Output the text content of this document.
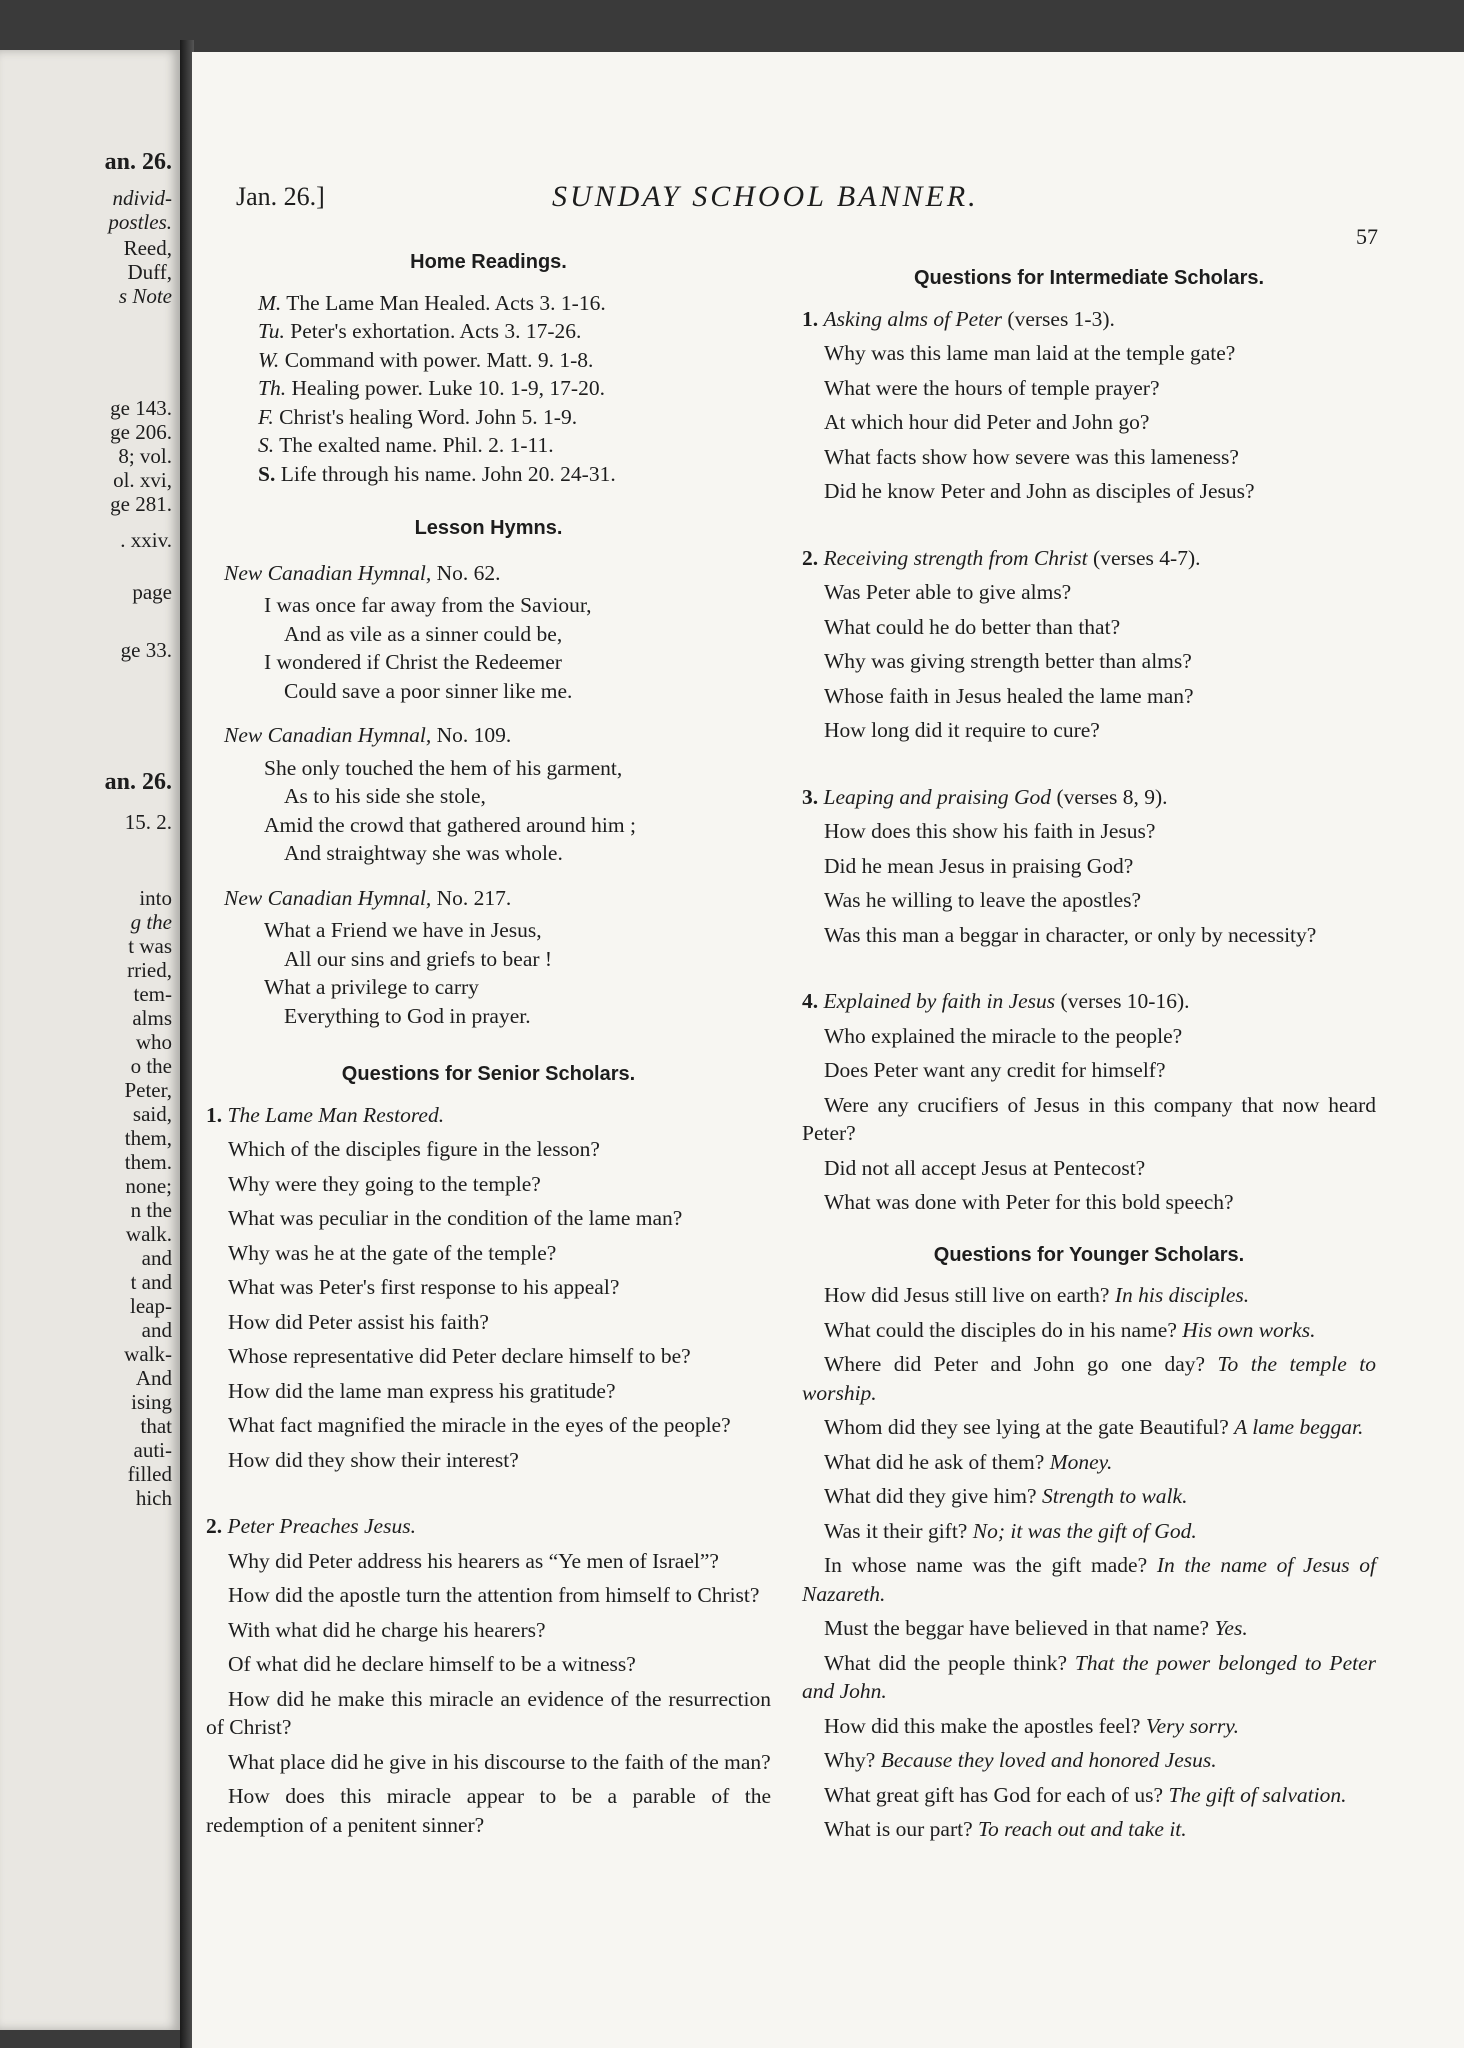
an. 26.
ndivid-
postles.
Reed,
Duff,
s Note
ge 143.
ge 206.
8; vol.
ol. xvi,
ge 281.
. xxiv.
page
ge 33.
an. 26.
15. 2.
into
g the
t was
rried,
tem-
alms
who
o the
Peter,
said,
them,
them.
none;
n the
walk.
and
t and
leap-
and
walk-
And
ising
that
auti-
filled
hich
Jan. 26.]	SUNDAY SCHOOL BANNER.
57
Home Readings.
M. The Lame Man Healed. Acts 3. 1-16.
Tu. Peter's exhortation. Acts 3. 17-26.
W. Command with power. Matt. 9. 1-8.
Th. Healing power. Luke 10. 1-9, 17-20.
F. Christ's healing Word. John 5. 1-9.
S. The exalted name. Phil. 2. 1-11.
S. Life through his name. John 20. 24-31.
Lesson Hymns.
New Canadian Hymnal, No. 62.
I was once far away from the Saviour,
And as vile as a sinner could be,
I wondered if Christ the Redeemer
Could save a poor sinner like me.
New Canadian Hymnal, No. 109.
She only touched the hem of his garment,
As to his side she stole,
Amid the crowd that gathered around him ;
And straightway she was whole.
New Canadian Hymnal, No. 217.
What a Friend we have in Jesus,
All our sins and griefs to bear !
What a privilege to carry
Everything to God in prayer.
Questions for Senior Scholars.
1. The Lame Man Restored.

Which of the disciples figure in the lesson?

Why were they going to the temple?

What was peculiar in the condition of the lame man?

Why was he at the gate of the temple?

What was Peter's first response to his appeal?

How did Peter assist his faith?

Whose representative did Peter declare himself to be?

How did the lame man express his gratitude?

What fact magnified the miracle in the eyes of the people?

How did they show their interest?

2. Peter Preaches Jesus.

Why did Peter address his hearers as “Ye men of Israel”?

How did the apostle turn the attention from himself to Christ?

With what did he charge his hearers?

Of what did he declare himself to be a witness?

How did he make this miracle an evidence of the resurrection of Christ?

What place did he give in his discourse to the faith of the man?

How does this miracle appear to be a parable of the redemption of a penitent sinner?

Questions for Intermediate Scholars.
1. Asking alms of Peter (verses 1-3).

Why was this lame man laid at the temple gate?

What were the hours of temple prayer?

At which hour did Peter and John go?

What facts show how severe was this lameness?

Did he know Peter and John as disciples of Jesus?

2. Receiving strength from Christ (verses 4-7).

Was Peter able to give alms?

What could he do better than that?

Why was giving strength better than alms?

Whose faith in Jesus healed the lame man?

How long did it require to cure?

3. Leaping and praising God (verses 8, 9).

How does this show his faith in Jesus?

Did he mean Jesus in praising God?

Was he willing to leave the apostles?

Was this man a beggar in character, or only by necessity?

4. Explained by faith in Jesus (verses 10-16).

Who explained the miracle to the people?

Does Peter want any credit for himself?

Were any crucifiers of Jesus in this company that now heard Peter?

Did not all accept Jesus at Pentecost?

What was done with Peter for this bold speech?

Questions for Younger Scholars.

How did Jesus still live on earth? In his disciples.

What could the disciples do in his name? His own works.

Where did Peter and John go one day? To the temple to worship.

Whom did they see lying at the gate Beautiful? A lame beggar.

What did he ask of them? Money.

What did they give him? Strength to walk.

Was it their gift? No; it was the gift of God.

In whose name was the gift made? In the name of Jesus of Nazareth.

Must the beggar have believed in that name? Yes.

What did the people think? That the power belonged to Peter and John.

How did this make the apostles feel? Very sorry.

Why? Because they loved and honored Jesus.

What great gift has God for each of us? The gift of salvation.

What is our part? To reach out and take it.
